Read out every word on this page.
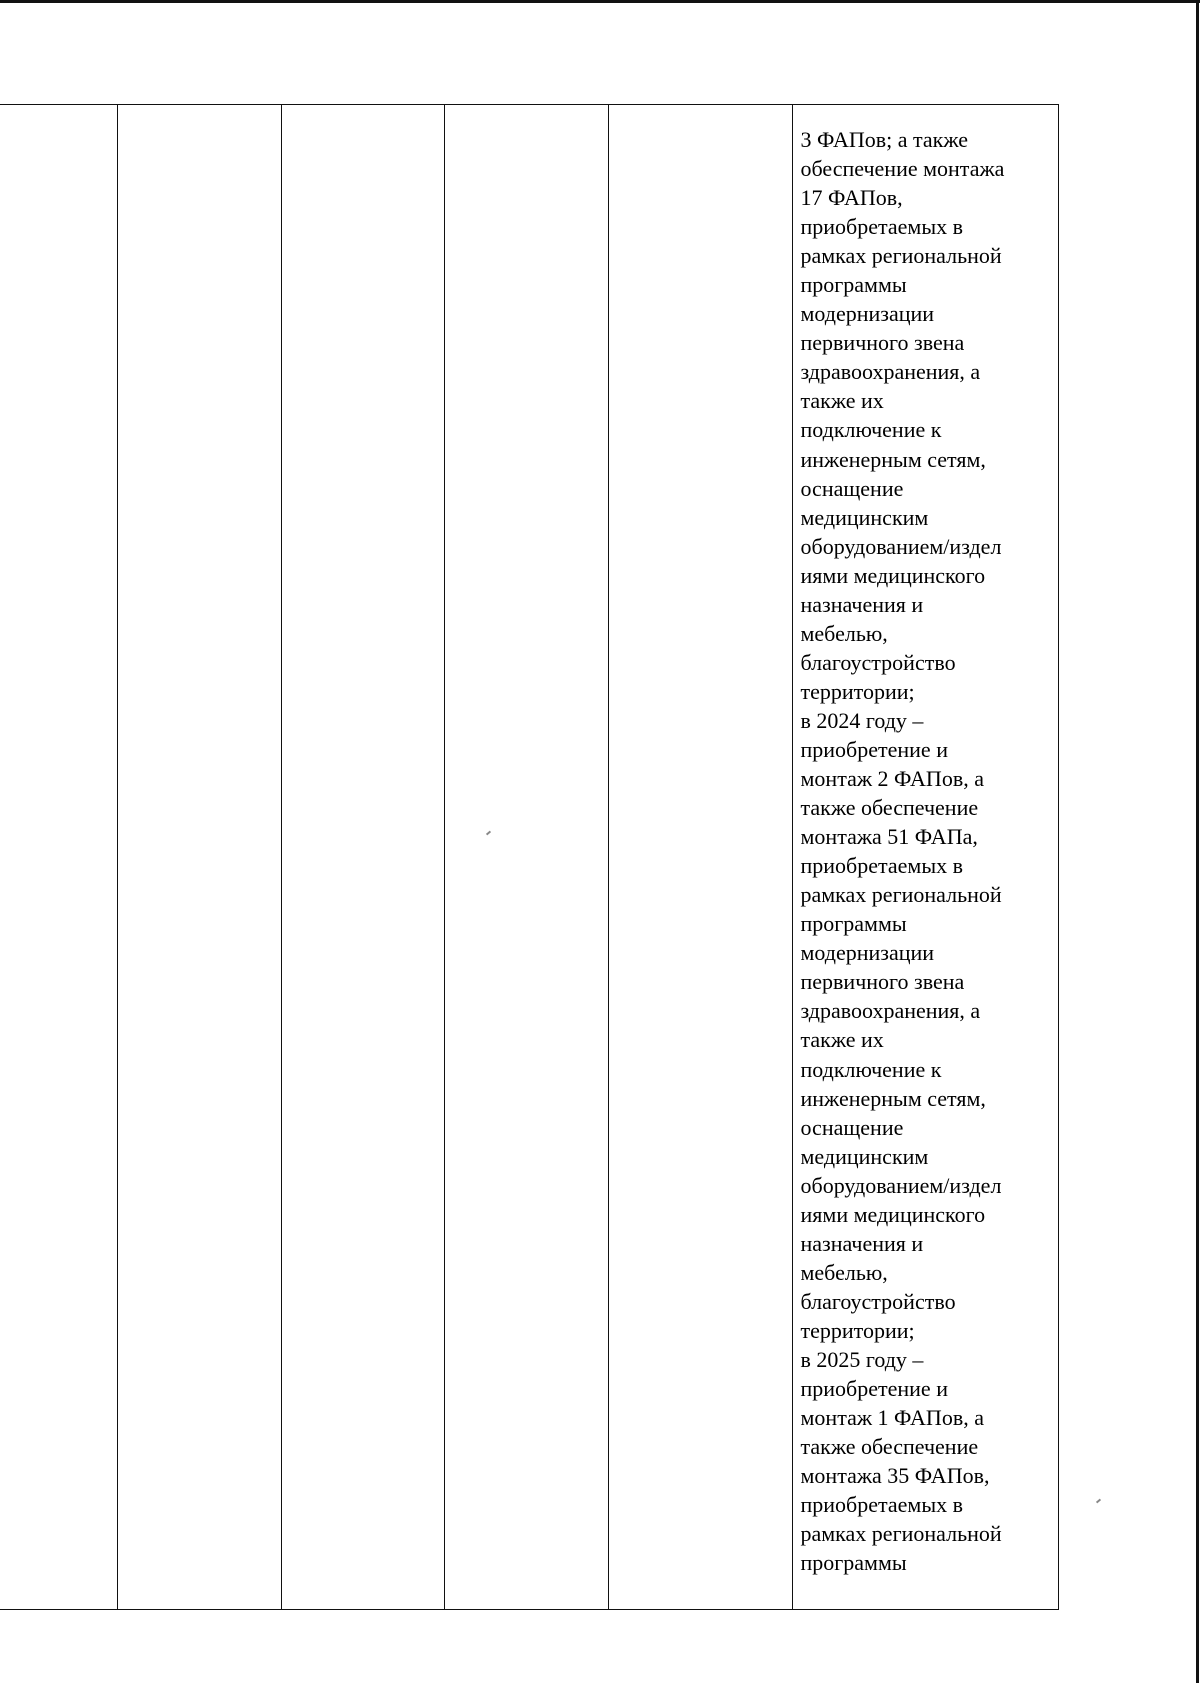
3 ФАПов; а также
обеспечение монтажа
17 ФАПов,
приобретаемых в
рамках региональной
программы
модернизации
первичного звена
здравоохранения, а
также их
подключение к
инженерным сетям,
оснащение
медицинским
оборудованием/издел
иями медицинского
назначения и
мебелью,
благоустройство
территории;
в 2024 году –
приобретение и
монтаж 2 ФАПов, а
также обеспечение
монтажа 51 ФАПа,
приобретаемых в
рамках региональной
программы
модернизации
первичного звена
здравоохранения, а
также их
подключение к
инженерным сетям,
оснащение
медицинским
оборудованием/издел
иями медицинского
назначения и
мебелью,
благоустройство
территории;
в 2025 году –
приобретение и
монтаж 1 ФАПов, а
также обеспечение
монтажа 35 ФАПов,
приобретаемых в
рамках региональной
программы
